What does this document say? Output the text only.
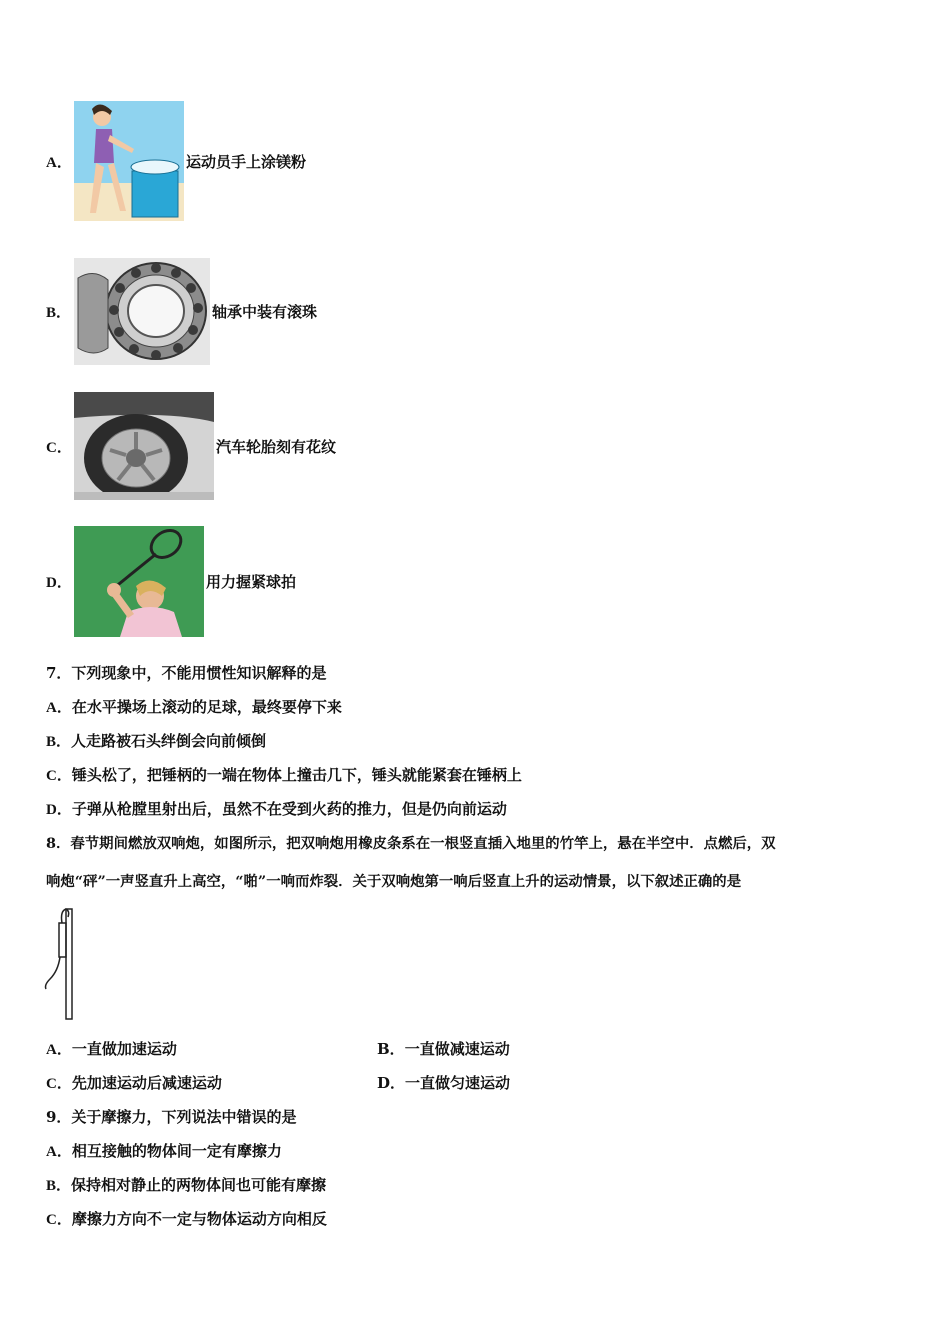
A．	运动员手上涂镁粉
B．	轴承中装有滚珠
C．	汽车轮胎刻有花纹
D．	用力握紧球拍
7．下列现象中，不能用惯性知识解释的是
A．在水平操场上滚动的足球，最终要停下来
B．人走路被石头绊倒会向前倾倒
C．锤头松了，把锤柄的一端在物体上撞击几下，锤头就能紧套在锤柄上
D．子弹从枪膛里射出后，虽然不在受到火药的推力，但是仍向前运动
8．春节期间燃放双响炮，如图所示，把双响炮用橡皮条系在一根竖直插入地里的竹竿上，悬在半空中．点燃后，双
响炮“砰”一声竖直升上高空，“啪”一响而炸裂．关于双响炮第一响后竖直上升的运动情景，以下叙述正确的是
A．一直做加速运动	B．一直做减速运动
C．先加速运动后减速运动	D．一直做匀速运动
9．关于摩擦力，下列说法中错误的是
A．相互接触的物体间一定有摩擦力
B．保持相对静止的两物体间也可能有摩擦
C．摩擦力方向不一定与物体运动方向相反
